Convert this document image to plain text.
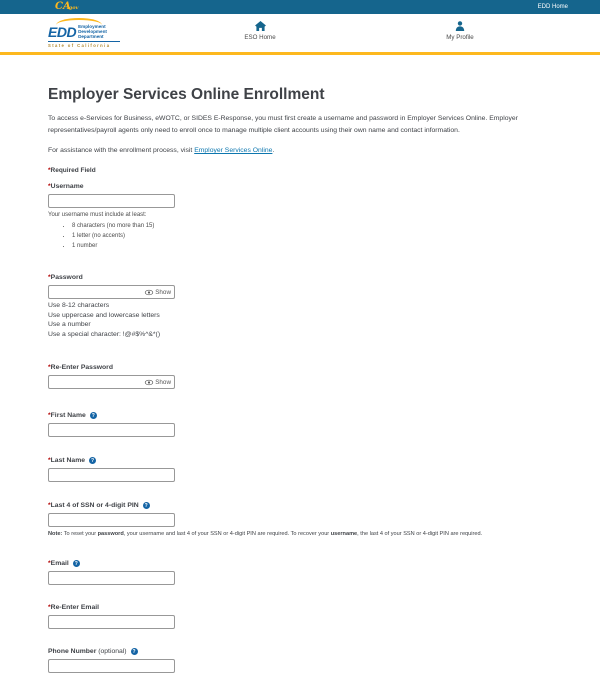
CAgov	EDD Home
EDD Employment
Development
Department
State of California
ESO Home	My Profile
Employer Services Online Enrollment

To access e-Services for Business, eWOTC, or SIDES E-Response, you must first create a username and password in Employer Services Online. Employer representatives/payroll agents only need to enroll once to manage multiple client accounts using their own name and contact information.

For assistance with the enrollment process, visit Employer Services Online.

*Required Field
*Username
Your username must include at least:
• 8 characters (no more than 15)
• 1 letter (no accents)
• 1 number
*Password
Show
Use 8-12 characters
Use uppercase and lowercase letters
Use a number
Use a special character: !@#$%^&*()
*Re-Enter Password
Show
*First Name	?
*Last Name	?
*Last 4 of SSN or 4-digit PIN	?
Note: To reset your password, your username and last 4 of your SSN or 4-digit PIN are required. To recover your username, the last 4 of your SSN or 4-digit PIN are required.
*Email	?
*Re-Enter Email
Phone Number (optional)	?
